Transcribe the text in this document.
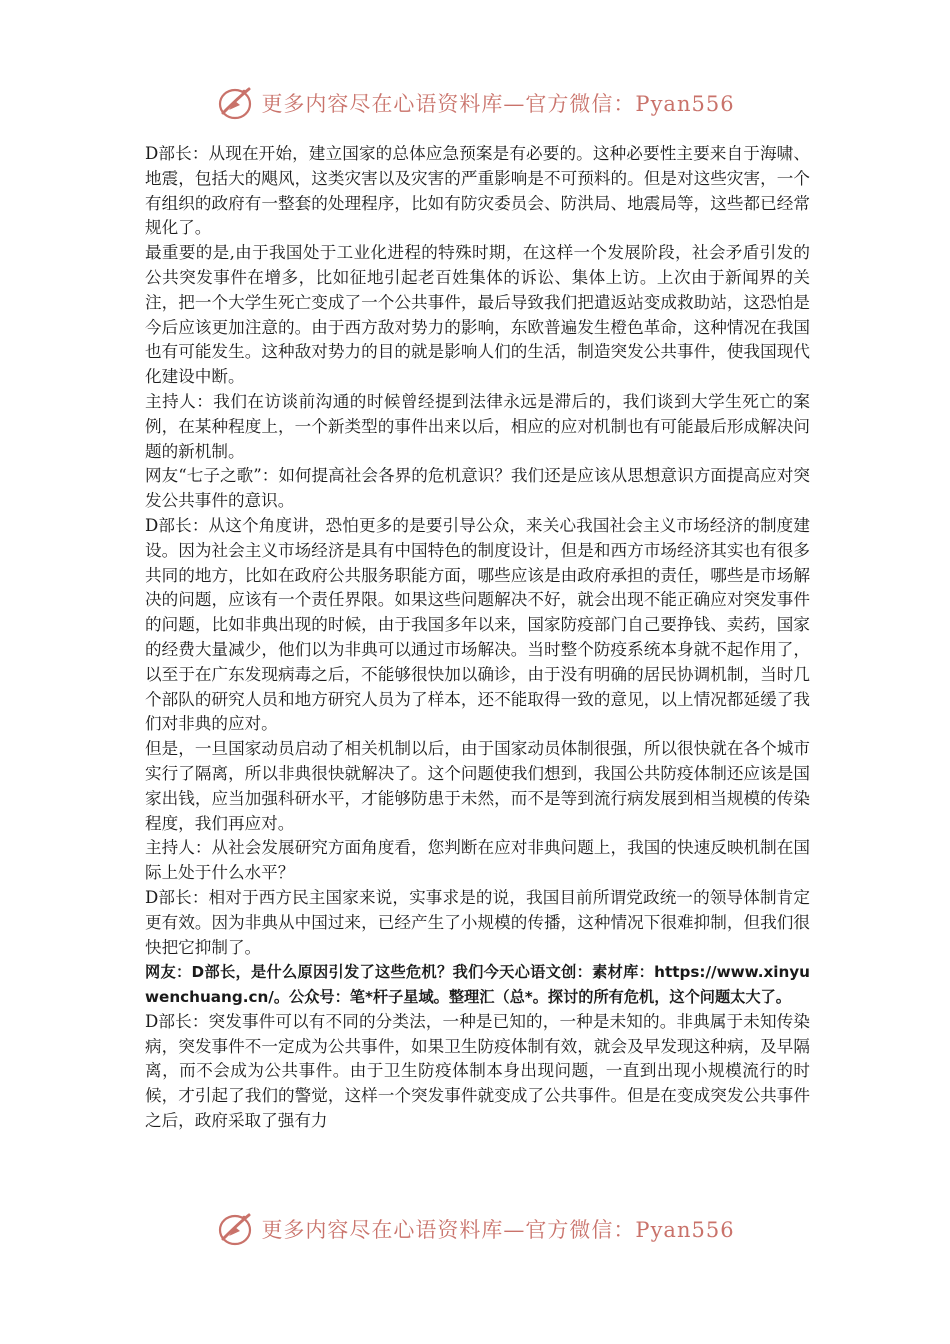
更多内容尽在心语资料库—官方微信：Pyan556

D部长：从现在开始，建立国家的总体应急预案是有必要的。这种必要性主要来自于海啸、地震，包括大的飓风，这类灾害以及灾害的严重影响是不可预料的。但是对这些灾害，一个有组织的政府有一整套的处理程序，比如有防灾委员会、防洪局、地震局等，这些都已经常规化了。

最重要的是,由于我国处于工业化进程的特殊时期，在这样一个发展阶段，社会矛盾引发的公共突发事件在增多，比如征地引起老百姓集体的诉讼、集体上访。上次由于新闻界的关注，把一个大学生死亡变成了一个公共事件，最后导致我们把遣返站变成救助站，这恐怕是今后应该更加注意的。由于西方敌对势力的影响，东欧普遍发生橙色革命，这种情况在我国也有可能发生。这种敌对势力的目的就是影响人们的生活，制造突发公共事件，使我国现代化建设中断。

主持人：我们在访谈前沟通的时候曾经提到法律永远是滞后的，我们谈到大学生死亡的案例，在某种程度上，一个新类型的事件出来以后，相应的应对机制也有可能最后形成解决问题的新机制。

网友“七子之歌”：如何提高社会各界的危机意识？我们还是应该从思想意识方面提高应对突发公共事件的意识。

D部长：从这个角度讲，恐怕更多的是要引导公众，来关心我国社会主义市场经济的制度建设。因为社会主义市场经济是具有中国特色的制度设计，但是和西方市场经济其实也有很多共同的地方，比如在政府公共服务职能方面，哪些应该是由政府承担的责任，哪些是市场解决的问题，应该有一个责任界限。如果这些问题解决不好，就会出现不能正确应对突发事件的问题，比如非典出现的时候，由于我国多年以来，国家防疫部门自己要挣钱、卖药，国家的经费大量减少，他们以为非典可以通过市场解决。当时整个防疫系统本身就不起作用了，以至于在广东发现病毒之后，不能够很快加以确诊，由于没有明确的居民协调机制，当时几个部队的研究人员和地方研究人员为了样本，还不能取得一致的意见，以上情况都延缓了我们对非典的应对。

但是，一旦国家动员启动了相关机制以后，由于国家动员体制很强，所以很快就在各个城市实行了隔离，所以非典很快就解决了。这个问题使我们想到，我国公共防疫体制还应该是国家出钱，应当加强科研水平，才能够防患于未然，而不是等到流行病发展到相当规模的传染程度，我们再应对。

主持人：从社会发展研究方面角度看，您判断在应对非典问题上，我国的快速反映机制在国际上处于什么水平？

D部长：相对于西方民主国家来说，实事求是的说，我国目前所谓党政统一的领导体制肯定更有效。因为非典从中国过来，已经产生了小规模的传播，这种情况下很难抑制，但我们很快把它抑制了。

网友：D部长，是什么原因引发了这些危机？我们今天心语文创：素材库：https://www.xinyuwenchuang.cn/。公众号：笔*杆子星域。整理汇（总*。探讨的所有危机，这个问题太大了。

D部长：突发事件可以有不同的分类法，一种是已知的，一种是未知的。非典属于未知传染病，突发事件不一定成为公共事件，如果卫生防疫体制有效，就会及早发现这种病，及早隔离，而不会成为公共事件。由于卫生防疫体制本身出现问题，一直到出现小规模流行的时候，才引起了我们的警觉，这样一个突发事件就变成了公共事件。但是在变成突发公共事件之后，政府采取了强有力

更多内容尽在心语资料库—官方微信：Pyan556
